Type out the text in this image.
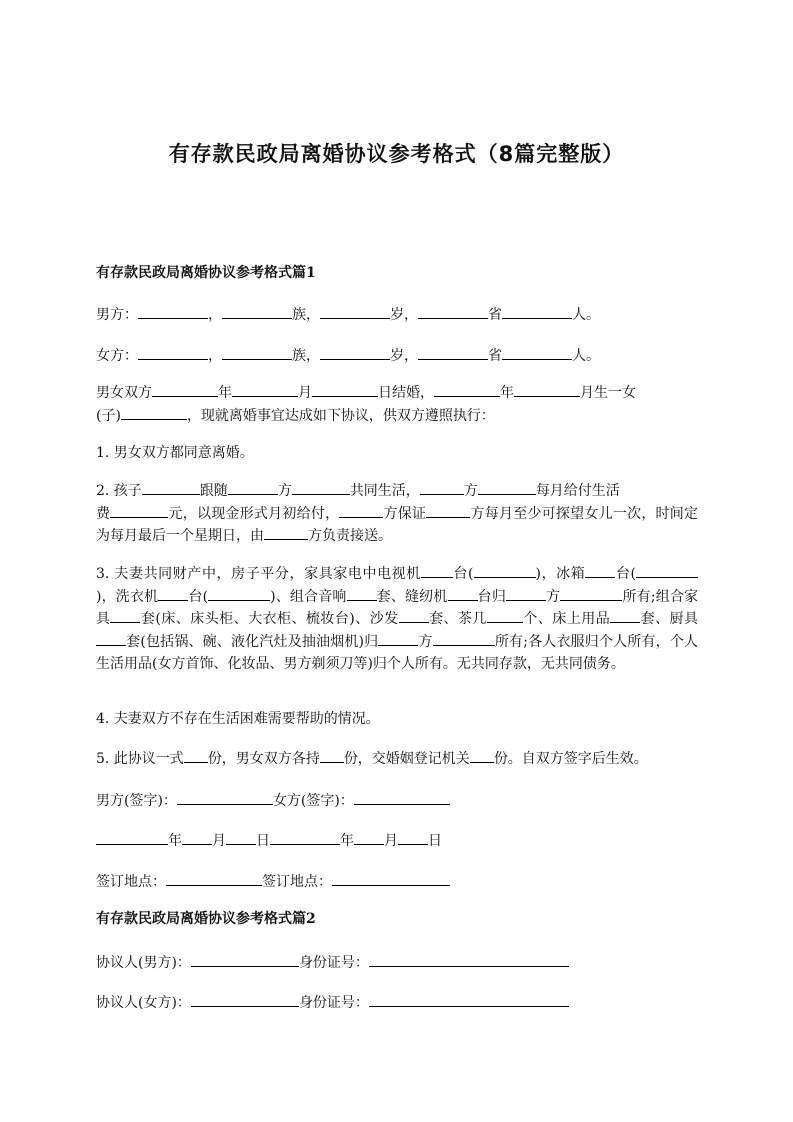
有存款民政局离婚协议参考格式（8篇完整版）
有存款民政局离婚协议参考格式篇1
男方：	，	族，	岁，	省	人。
女方：	，	族，	岁，	省	人。
男女双方	年	月	日结婚，	年	月生一女
(子)	，现就离婚事宜达成如下协议，供双方遵照执行：
1. 男女双方都同意离婚。
2. 孩子	跟随	方	共同生活，	方	每月给付生活
费	元，以现金形式月初给付，	方保证	方每月至少可探望女儿一次，时间定为每月最后一个星期日，由	方负责接送。
3. 夫妻共同财产中，房子平分，家具家电中电视机 台(	)，冰箱 台()，洗衣机 台(	)、组合音响 套、缝纫机 台归	方	所有;组合家具 套(床、床头柜、大衣柜、梳妆台)、沙发 套、茶几	个、床上用品 套、厨具套(包括锅、碗、液化汽灶及抽油烟机)归	方	所有;各人衣服归个人所有，个人生活用品(女方首饰、化妆品、男方剃须刀等)归个人所有。无共同存款，无共同债务。
4. 夫妻双方不存在生活困难需要帮助的情况。
5. 此协议一式 份，男女双方各持 份，交婚姻登记机关 份。自双方签字后生效。
男方(签字)：	女方(签字)：
年 月 日	年 月 日
签订地点：	签订地点：
有存款民政局离婚协议参考格式篇2
协议人(男方)：	身份证号：
协议人(女方)：	身份证号：
